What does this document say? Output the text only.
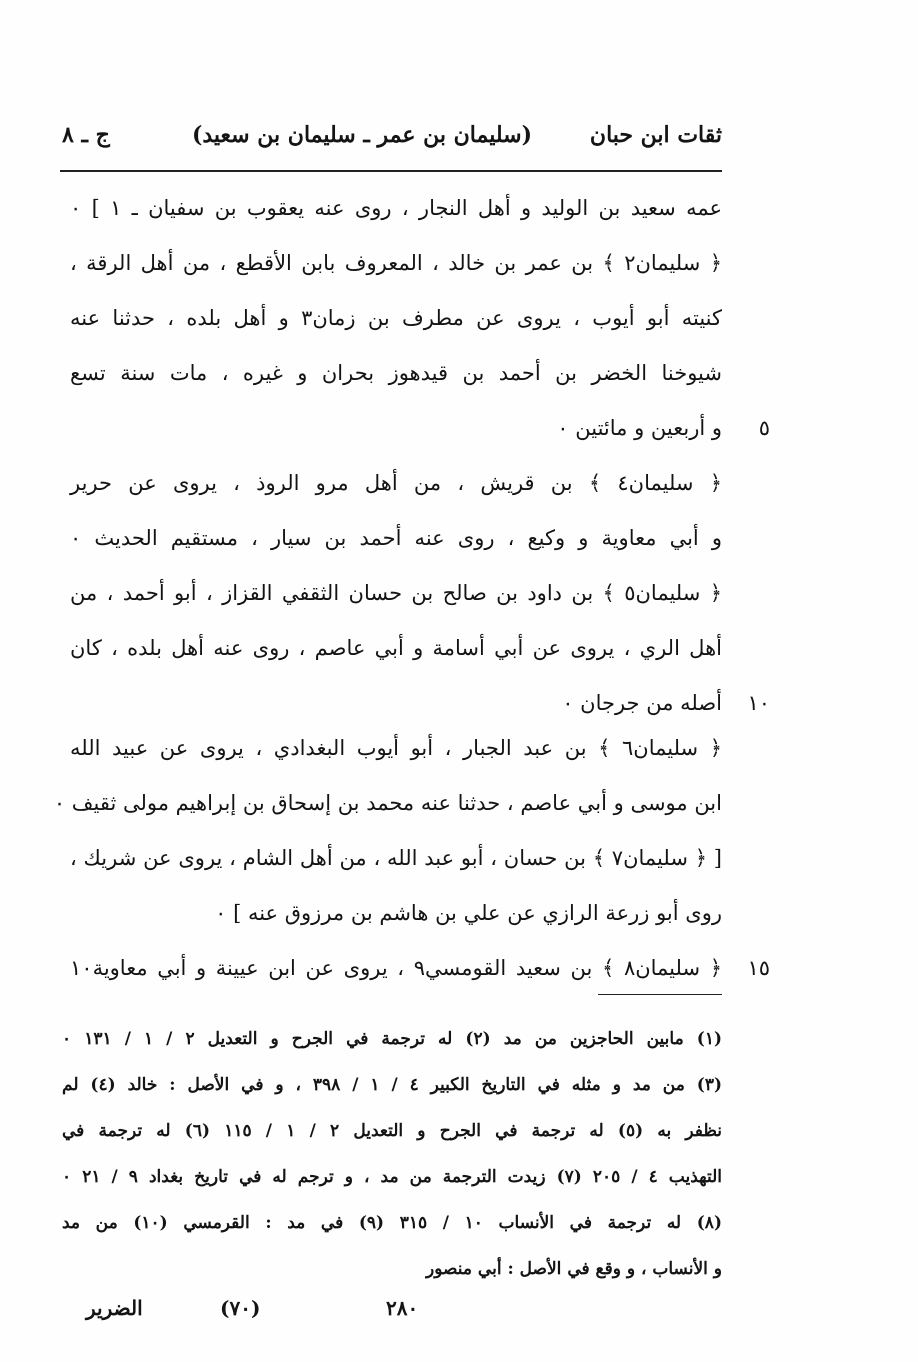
ثقات ابن حبان
(سليمان بن عمر ـ سليمان بن سعيد)
ج ـ ٨
عمه سعيد بن الوليد و أهل النجار ، روى عنه يعقوب بن سفيان ـ ۱ ] ٠
﴿ سليمان۲ ﴾ بن عمر بن خالد ، المعروف بابن الأقطع ، من أهل الرقة ،
كنيته أبو أيوب ، يروى عن مطرف بن زمان۳ و أهل بلده ، حدثنا عنه
شيوخنا الخضر بن أحمد بن قيدهوز بحران و غيره ، مات سنة تسع
و أربعين و مائتين ٠	٥
﴿ سليمان٤ ﴾ بن قريش ، من أهل مرو الروذ ، يروى عن حرير
و أبي معاوية و وكيع ، روى عنه أحمد بن سيار ، مستقيم الحديث ٠
﴿ سليمان٥ ﴾ بن داود بن صالح بن حسان الثقفي القزاز ، أبو أحمد ، من
أهل الري ، يروى عن أبي أسامة و أبي عاصم ، روى عنه أهل بلده ، كان
أصله من جرجان ٠	١٠
﴿ سليمان٦ ﴾ بن عبد الجبار ، أبو أيوب البغدادي ، يروى عن عبيد الله
ابن موسى و أبي عاصم ، حدثنا عنه محمد بن إسحاق بن إبراهيم مولى ثقيف ٠
[ ﴿ سليمان٧ ﴾ بن حسان ، أبو عبد الله ، من أهل الشام ، يروى عن شريك ،
روى أبو زرعة الرازي عن علي بن هاشم بن مرزوق عنه ] ٠
﴿ سليمان٨ ﴾ بن سعيد القومسي٩ ، يروى عن ابن عيينة و أبي معاوية١٠	١٥
(١) مابين الحاجزين من مد (٢) له ترجمة في الجرح و التعديل ٢ / ١ / ١٣١ ٠
(٣) من مد و مثله في التاريخ الكبير ٤ / ١ / ٣٩٨ ، و في الأصل : خالد (٤) لم
نظفر به (٥) له ترجمة في الجرح و التعديل ٢ / ١ / ١١٥ (٦) له ترجمة في
التهذيب ٤ / ٢٠٥ (٧) زيدت الترجمة من مد ، و ترجم له في تاريخ بغداد ٩ / ٢١ ٠
(٨) له ترجمة في الأنساب ١٠ / ٣١٥ (٩) في مد : القرمسي (١٠) من مد
و الأنساب ، و وقع في الأصل : أبي منصور
٢٨٠
(٧٠)
الضرير
